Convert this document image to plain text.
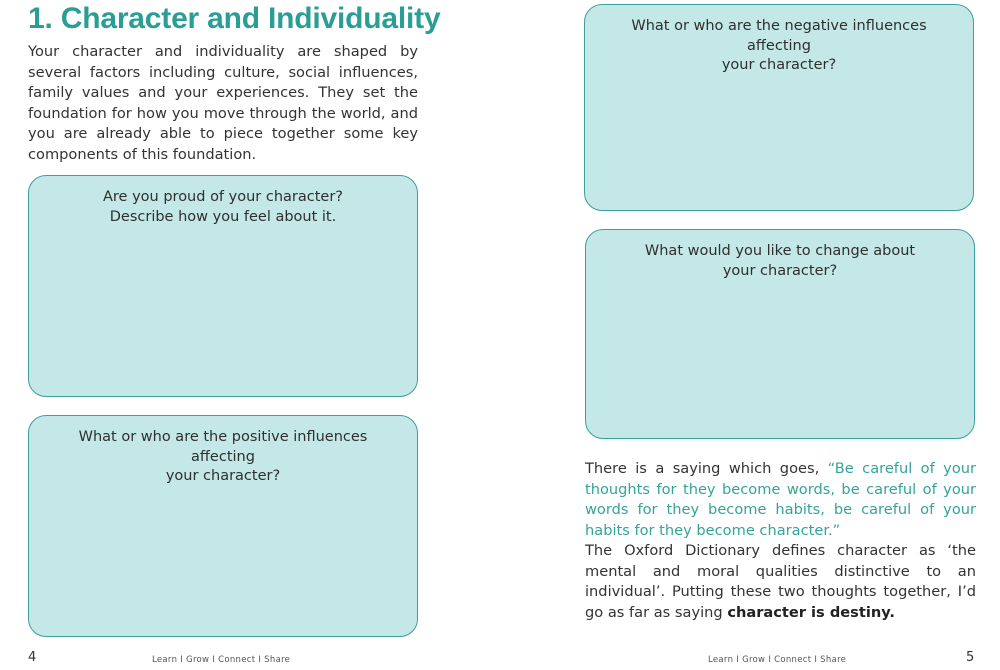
1. Character and Individuality

Your character and individuality are shaped by several factors including culture, social influences, family values and your experiences. They set the foundation for how you move through the world, and you are already able to piece together some key components of this foundation.

Are you proud of your character?
Describe how you feel about it.
What or who are the positive influences affecting
your character?
4	Learn I Grow I Connect I Share
What or who are the negative influences affecting
your character?
What would you like to change about
your character?

There is a saying which goes, “Be careful of your thoughts for they become words, be careful of your words for they become habits, be careful of your habits for they become character.”

The Oxford Dictionary defines character as ‘the mental and moral qualities distinctive to an individual’. Putting these two thoughts together, I’d go as far as saying character is destiny.

Learn I Grow I Connect I Share	5
